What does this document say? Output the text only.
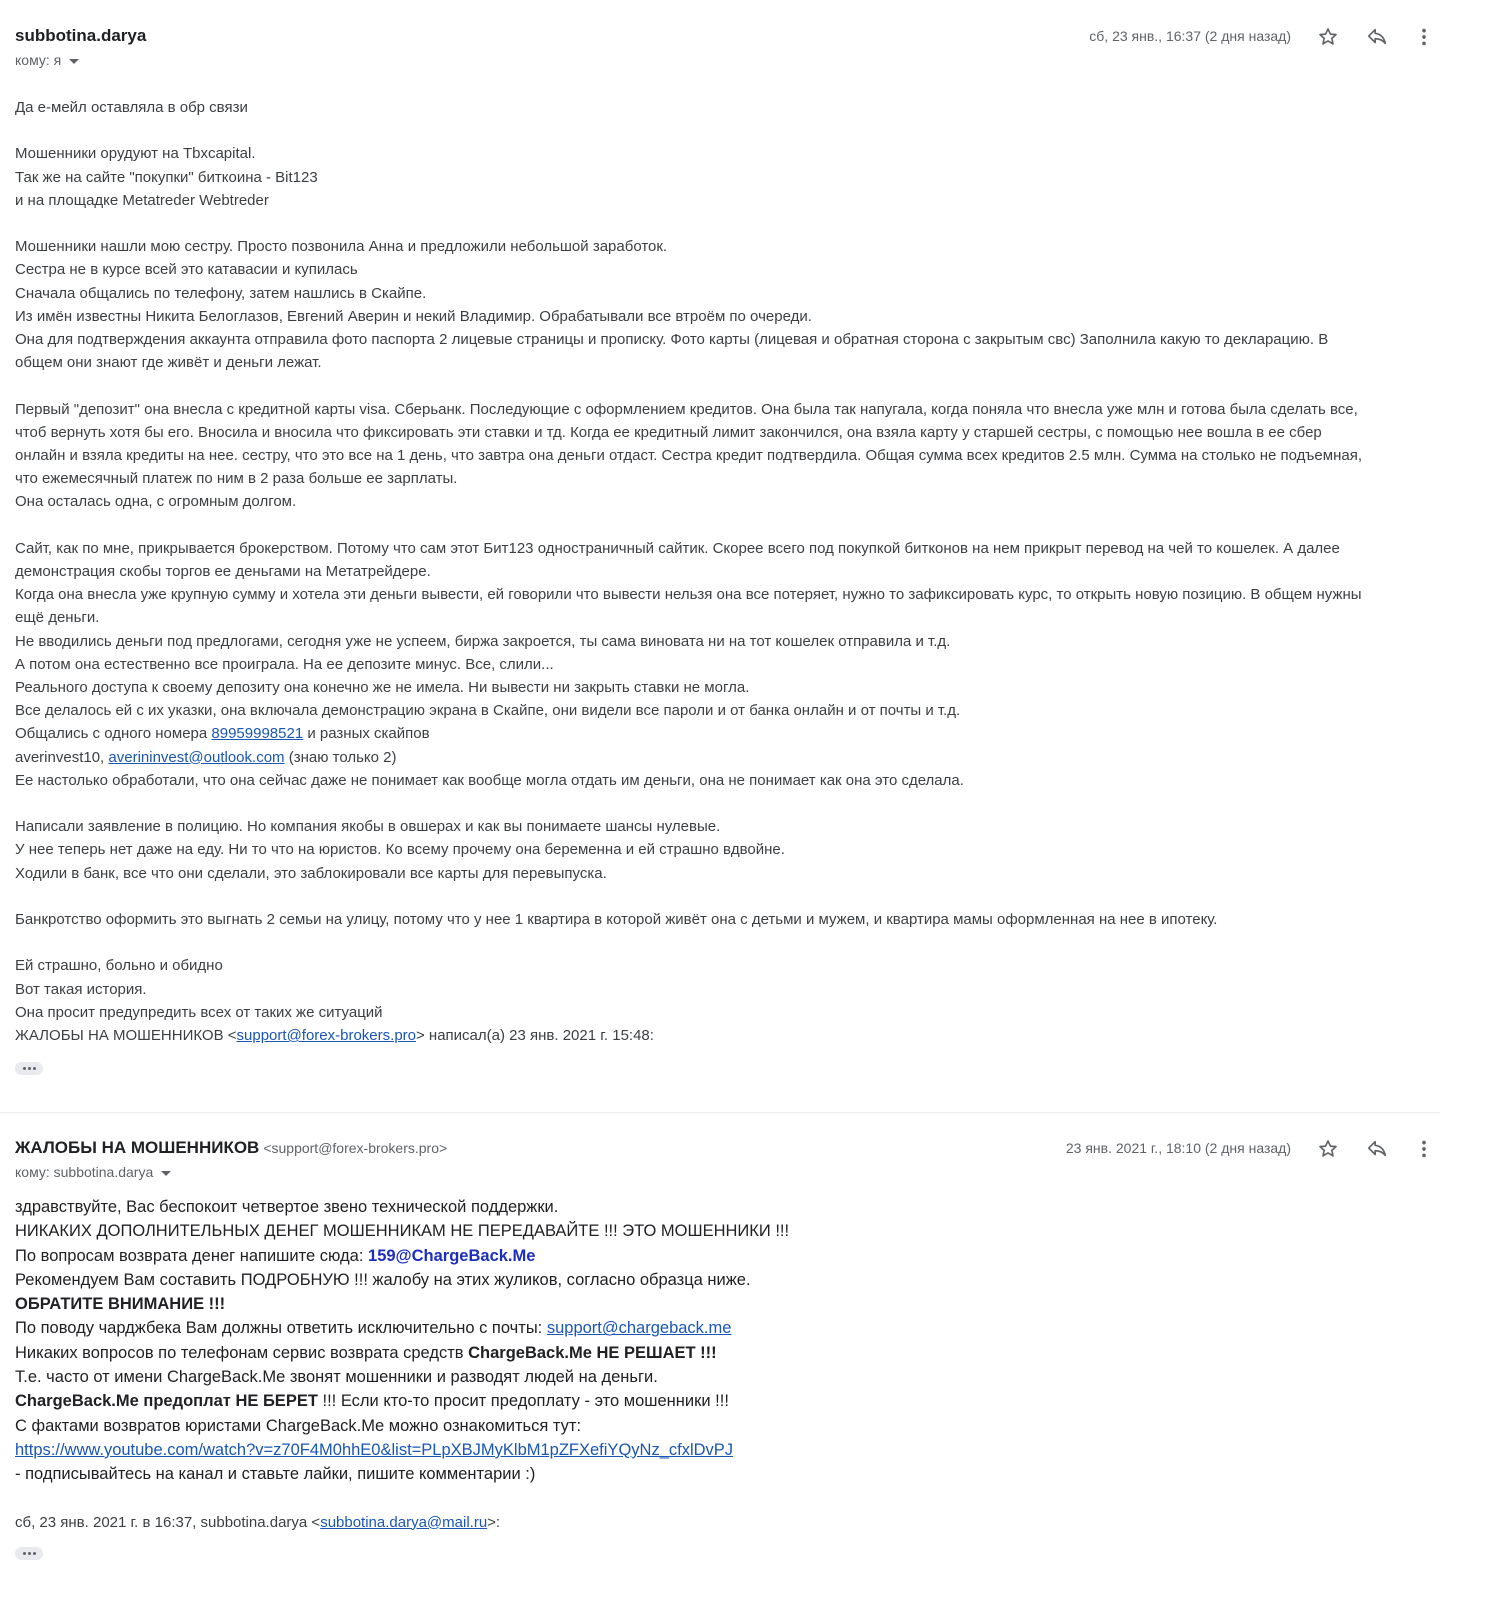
subbotina.darya
кому: я
сб, 23 янв., 16:37 (2 дня назад)

Да е-мейл оставляла в обр связи

Мошенники орудуют на Tbxcapital.

Так же на сайте "покупки" биткоина - Bit123

и на площадке Metatreder Webtreder

Мошенники нашли мою сестру. Просто позвонила Анна и предложили небольшой заработок.

Сестра не в курсе всей это катавасии и купилась

Сначала общались по телефону, затем нашлись в Скайпе.

Из имён известны Никита Белоглазов, Евгений Аверин и некий Владимир. Обрабатывали все втроём по очереди.

Она для подтверждения аккаунта отправила фото паспорта 2 лицевые страницы и прописку. Фото карты (лицевая и обратная сторона с закрытым свс) Заполнила какую то декларацию. В

общем они знают где живёт и деньги лежат.

Первый "депозит" она внесла с кредитной карты visa. Сберьанк. Последующие с оформлением кредитов. Она была так напугала, когда поняла что внесла уже млн и готова была сделать все,

чтоб вернуть хотя бы его. Вносила и вносила что фиксировать эти ставки и тд. Когда ее кредитный лимит закончился, она взяла карту у старшей сестры, с помощью нее вошла в ее сбер

онлайн и взяла кредиты на нее. сестру, что это все на 1 день, что завтра она деньги отдаст. Сестра кредит подтвердила. Общая сумма всех кредитов 2.5 млн. Сумма на столько не подъемная,

что ежемесячный платеж по ним в 2 раза больше ее зарплаты.

Она осталась одна, с огромным долгом.

Сайт, как по мне, прикрывается брокерством. Потому что сам этот Бит123 одностраничный сайтик. Скорее всего под покупкой битконов на нем прикрыт перевод на чей то кошелек. А далее

демонстрация скобы торгов ее деньгами на Метатрейдере.

Когда она внесла уже крупную сумму и хотела эти деньги вывести, ей говорили что вывести нельзя она все потеряет, нужно то зафиксировать курс, то открыть новую позицию. В общем нужны

ещё деньги.

Не вводились деньги под предлогами, сегодня уже не успеем, биржа закроется, ты сама виновата ни на тот кошелек отправила и т.д.

А потом она естественно все проиграла. На ее депозите минус. Все, слили...

Реального доступа к своему депозиту она конечно же не имела. Ни вывести ни закрыть ставки не могла.

Все делалось ей с их указки, она включала демонстрацию экрана в Скайпе, они видели все пароли и от банка онлайн и от почты и т.д.

Общались с одного номера 89959998521 и разных скайпов

averinvest10, averininvest@outlook.com (знаю только 2)

Ее настолько обработали, что она сейчас даже не понимает как вообще могла отдать им деньги, она не понимает как она это сделала.

Написали заявление в полицию. Но компания якобы в овшерах и как вы понимаете шансы нулевые.

У нее теперь нет даже на еду. Ни то что на юристов. Ко всему прочему она беременна и ей страшно вдвойне.

Ходили в банк, все что они сделали, это заблокировали все карты для перевыпуска.

Банкротство оформить это выгнать 2 семьи на улицу, потому что у нее 1 квартира в которой живёт она с детьми и мужем, и квартира мамы оформленная на нее в ипотеку.

Ей страшно, больно и обидно

Вот такая история.

Она просит предупредить всех от таких же ситуаций

ЖАЛОБЫ НА МОШЕННИКОВ <support@forex-brokers.pro> написал(а) 23 янв. 2021 г. 15:48:

ЖАЛОБЫ НА МОШЕННИКОВ <support@forex-brokers.pro>
кому: subbotina.darya
23 янв. 2021 г., 18:10 (2 дня назад)

здравствуйте, Вас беспокоит четвертое звено технической поддержки.

НИКАКИХ ДОПОЛНИТЕЛЬНЫХ ДЕНЕГ МОШЕННИКАМ НЕ ПЕРЕДАВАЙТЕ !!! ЭТО МОШЕННИКИ !!!

По вопросам возврата денег напишите сюда: 159@ChargeBack.Me

Рекомендуем Вам составить ПОДРОБНУЮ !!! жалобу на этих жуликов, согласно образца ниже.

ОБРАТИТЕ ВНИМАНИЕ !!!

По поводу чарджбека Вам должны ответить исключительно с почты: support@chargeback.me

Никаких вопросов по телефонам сервис возврата средств ChargeBack.Me НЕ РЕШАЕТ !!!

Т.е. часто от имени ChargeBack.Me звонят мошенники и разводят людей на деньги.

ChargeBack.Me предоплат НЕ БЕРЕТ !!! Если кто-то просит предоплату - это мошенники !!!

С фактами возвратов юристами ChargeBack.Me можно ознакомиться тут:

https://www.youtube.com/watch?v=z70F4M0hhE0&list=PLpXBJMyKlbM1pZFXefiYQyNz_cfxlDvPJ

- подписывайтесь на канал и ставьте лайки, пишите комментарии :)

сб, 23 янв. 2021 г. в 16:37, subbotina.darya <subbotina.darya@mail.ru>:
